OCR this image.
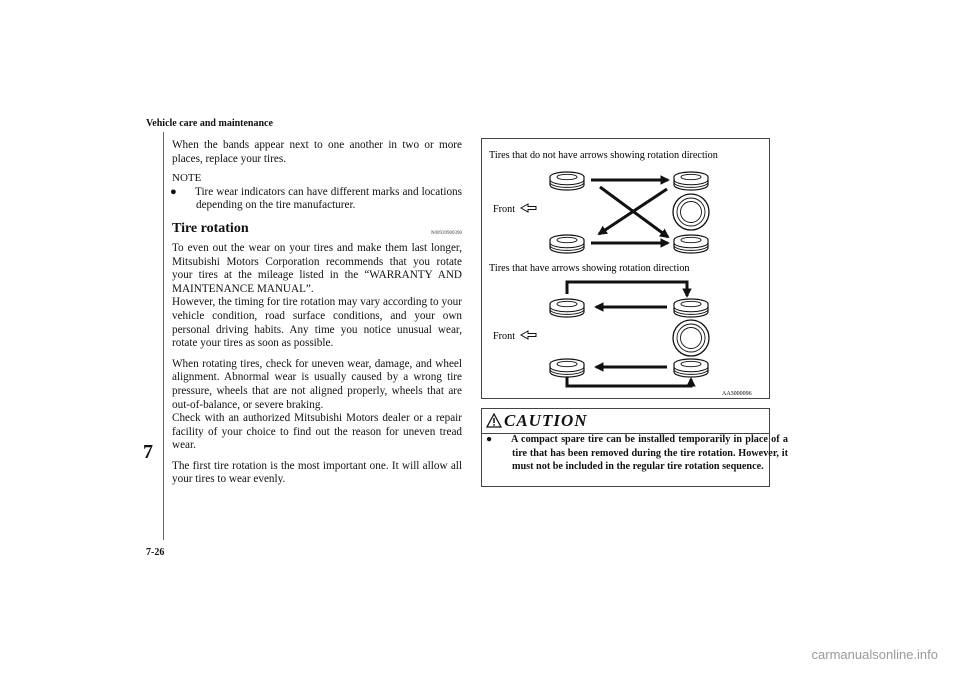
Vehicle care and maintenance
7
7-26

When the bands appear next to one another in two or more places, replace your tires.

NOTE

● Tire wear indicators can have different marks and locations depending on the tire manufacturer.

Tire rotation	N00939900390

To even out the wear on your tires and make them last longer, Mitsubishi Motors Corporation recommends that you rotate your tires at the mileage listed in the “WARRANTY AND MAINTENANCE MANUAL”.

However, the timing for tire rotation may vary according to your vehicle condition, road surface conditions, and your own personal driving habits. Any time you notice unusual wear, rotate your tires as soon as possible.

When rotating tires, check for uneven wear, damage, and wheel alignment. Abnormal wear is usually caused by a wrong tire pressure, wheels that are not aligned properly, wheels that are out-of-balance, or severe braking.

Check with an authorized Mitsubishi Motors dealer or a repair facility of your choice to find out the reason for uneven tread wear.

The first tire rotation is the most important one. It will allow all your tires to wear evenly.

Tires that do not have arrows showing rotation direction
Front
Tires that have arrows showing rotation direction
Front
AA3000096
CAUTION
● A compact spare tire can be installed temporarily in place of a tire that has been removed during the tire rotation. However, it must not be included in the regular tire rotation sequence.
carmanualsonline.info
